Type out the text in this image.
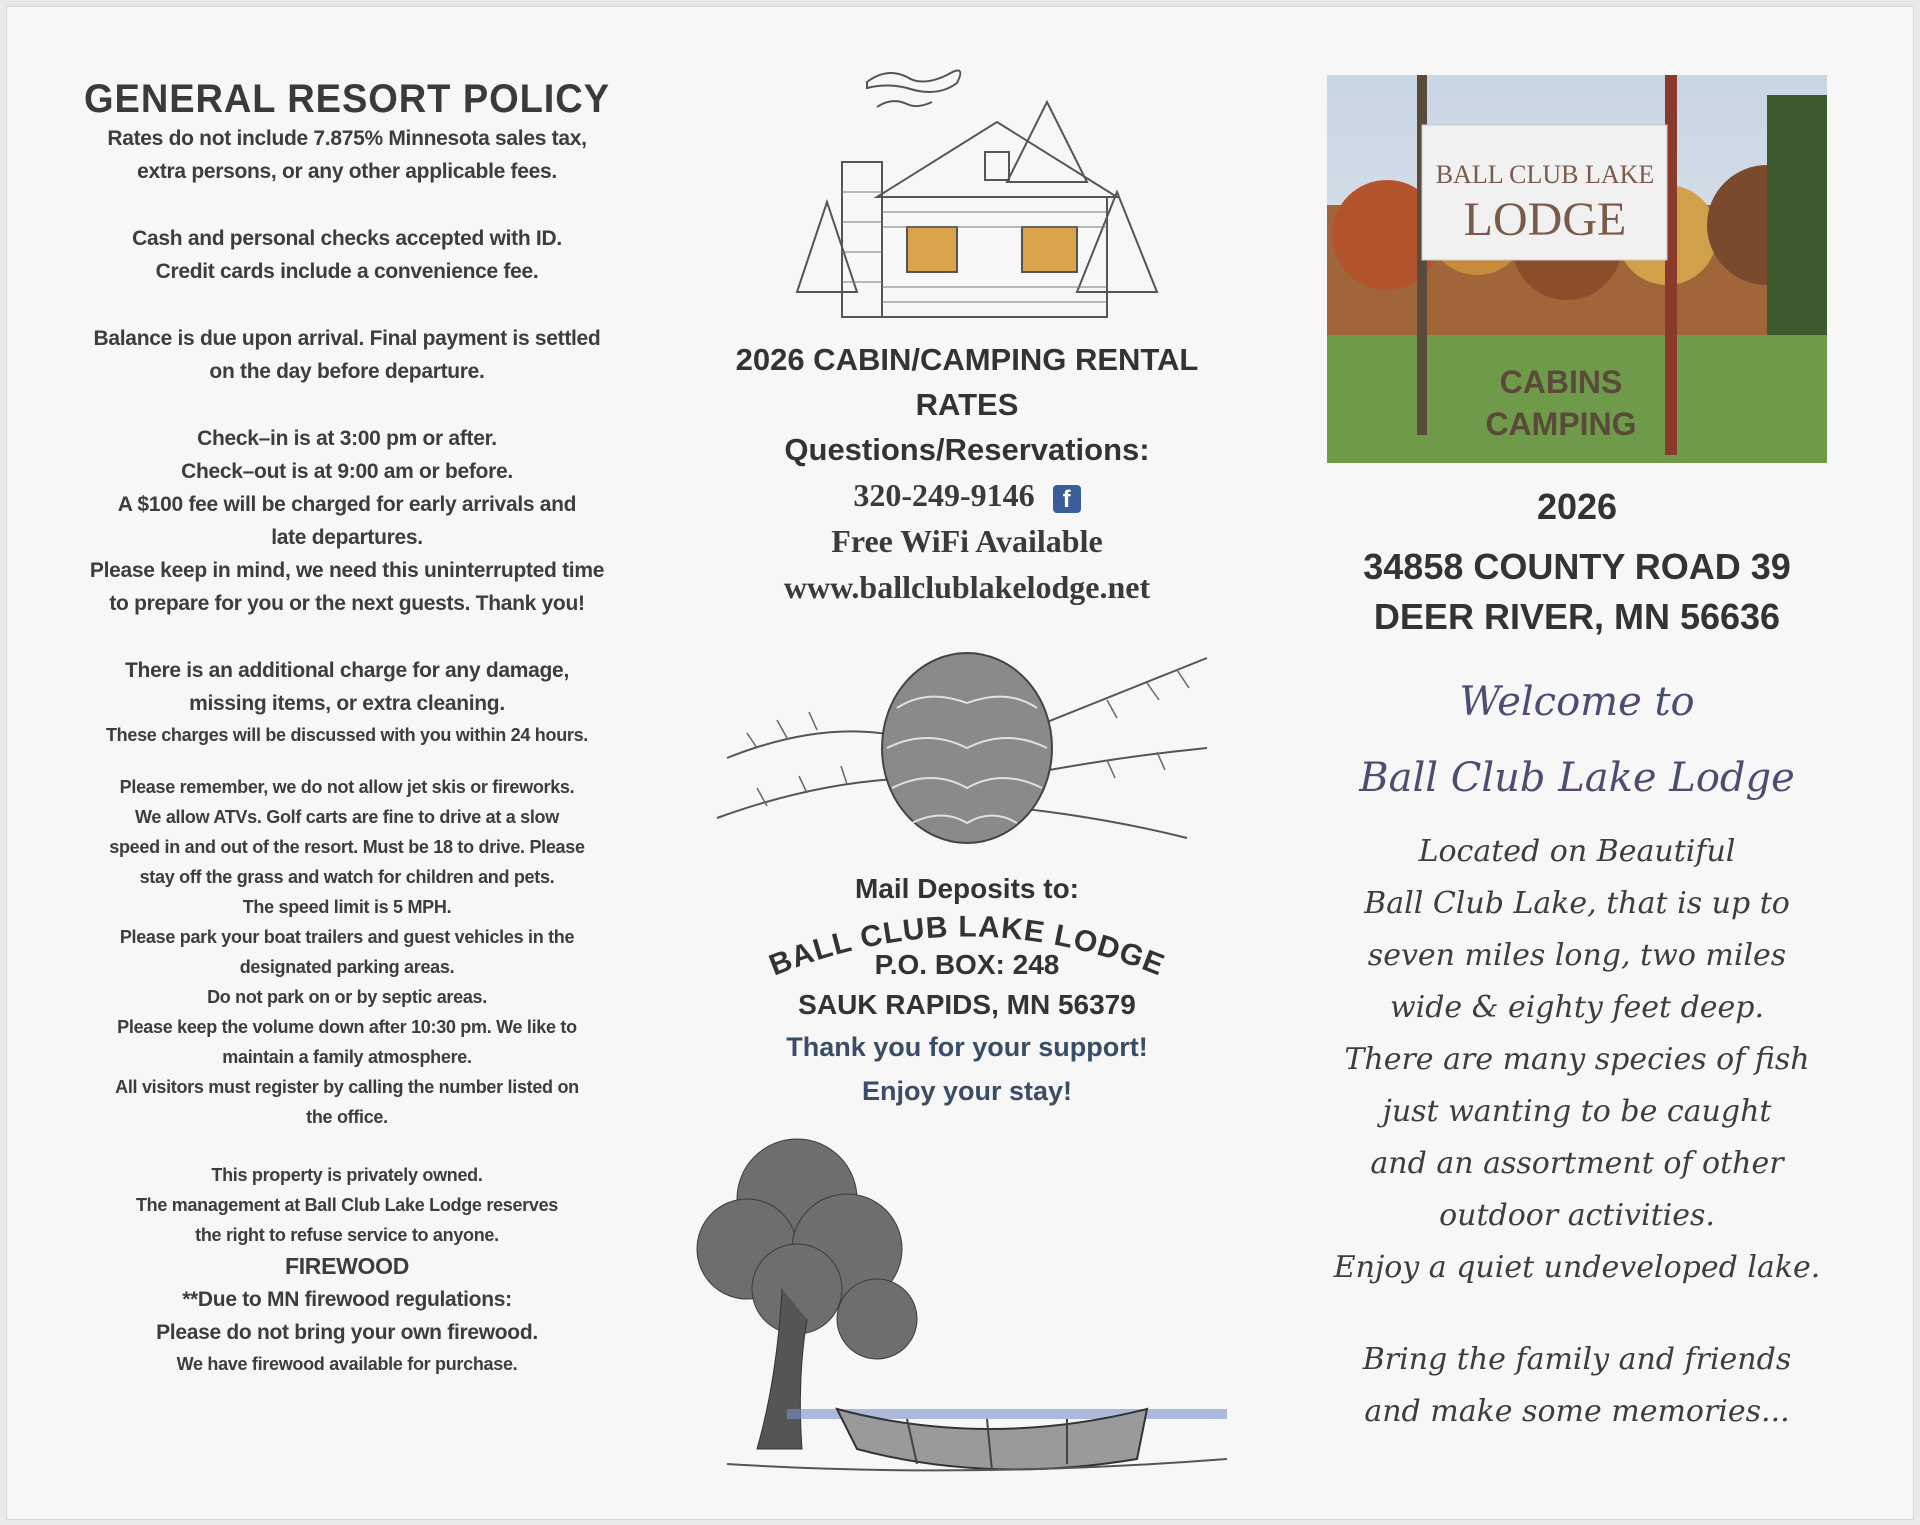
GENERAL RESORT POLICY

Rates do not include 7.875% Minnesota sales tax,

extra persons, or any other applicable fees.

Cash and personal checks accepted with ID.

Credit cards include a convenience fee.

Balance is due upon arrival. Final payment is settled

on the day before departure.

Check–in is at 3:00 pm or after.

Check–out is at 9:00 am or before.

A $100 fee will be charged for early arrivals and

late departures.

Please keep in mind, we need this uninterrupted time

to prepare for you or the next guests. Thank you!

There is an additional charge for any damage,

missing items, or extra cleaning.

These charges will be discussed with you within 24 hours.

Please remember, we do not allow jet skis or fireworks.

We allow ATVs. Golf carts are fine to drive at a slow

speed in and out of the resort. Must be 18 to drive. Please

stay off the grass and watch for children and pets.

The speed limit is 5 MPH.

Please park your boat trailers and guest vehicles in the

designated parking areas.

Do not park on or by septic areas.

Please keep the volume down after 10:30 pm. We like to

maintain a family atmosphere.

All visitors must register by calling the number listed on

the office.

This property is privately owned.

The management at Ball Club Lake Lodge reserves

the right to refuse service to anyone.

FIREWOOD

**Due to MN firewood regulations:

Please do not bring your own firewood.

We have firewood available for purchase.

2026 CABIN/CAMPING RENTAL
RATES
Questions/Reservations:
320-249-9146 f
Free WiFi Available
www.ballclublakelodge.net
Mail Deposits to:
BALL CLUB LAKE LODGE
P.O. BOX: 248
SAUK RAPIDS, MN 56379
Thank you for your support!
Enjoy your stay!
BALL CLUB LAKE
LODGE
CABINS
CAMPING
2026
34858 COUNTY ROAD 39
DEER RIVER, MN 56636
Welcome to
Ball Club Lake Lodge
Located on Beautiful
Ball Club Lake, that is up to
seven miles long, two miles
wide & eighty feet deep.
There are many species of fish
just wanting to be caught
and an assortment of other
outdoor activities.
Enjoy a quiet undeveloped lake.
Bring the family and friends
and make some memories...
